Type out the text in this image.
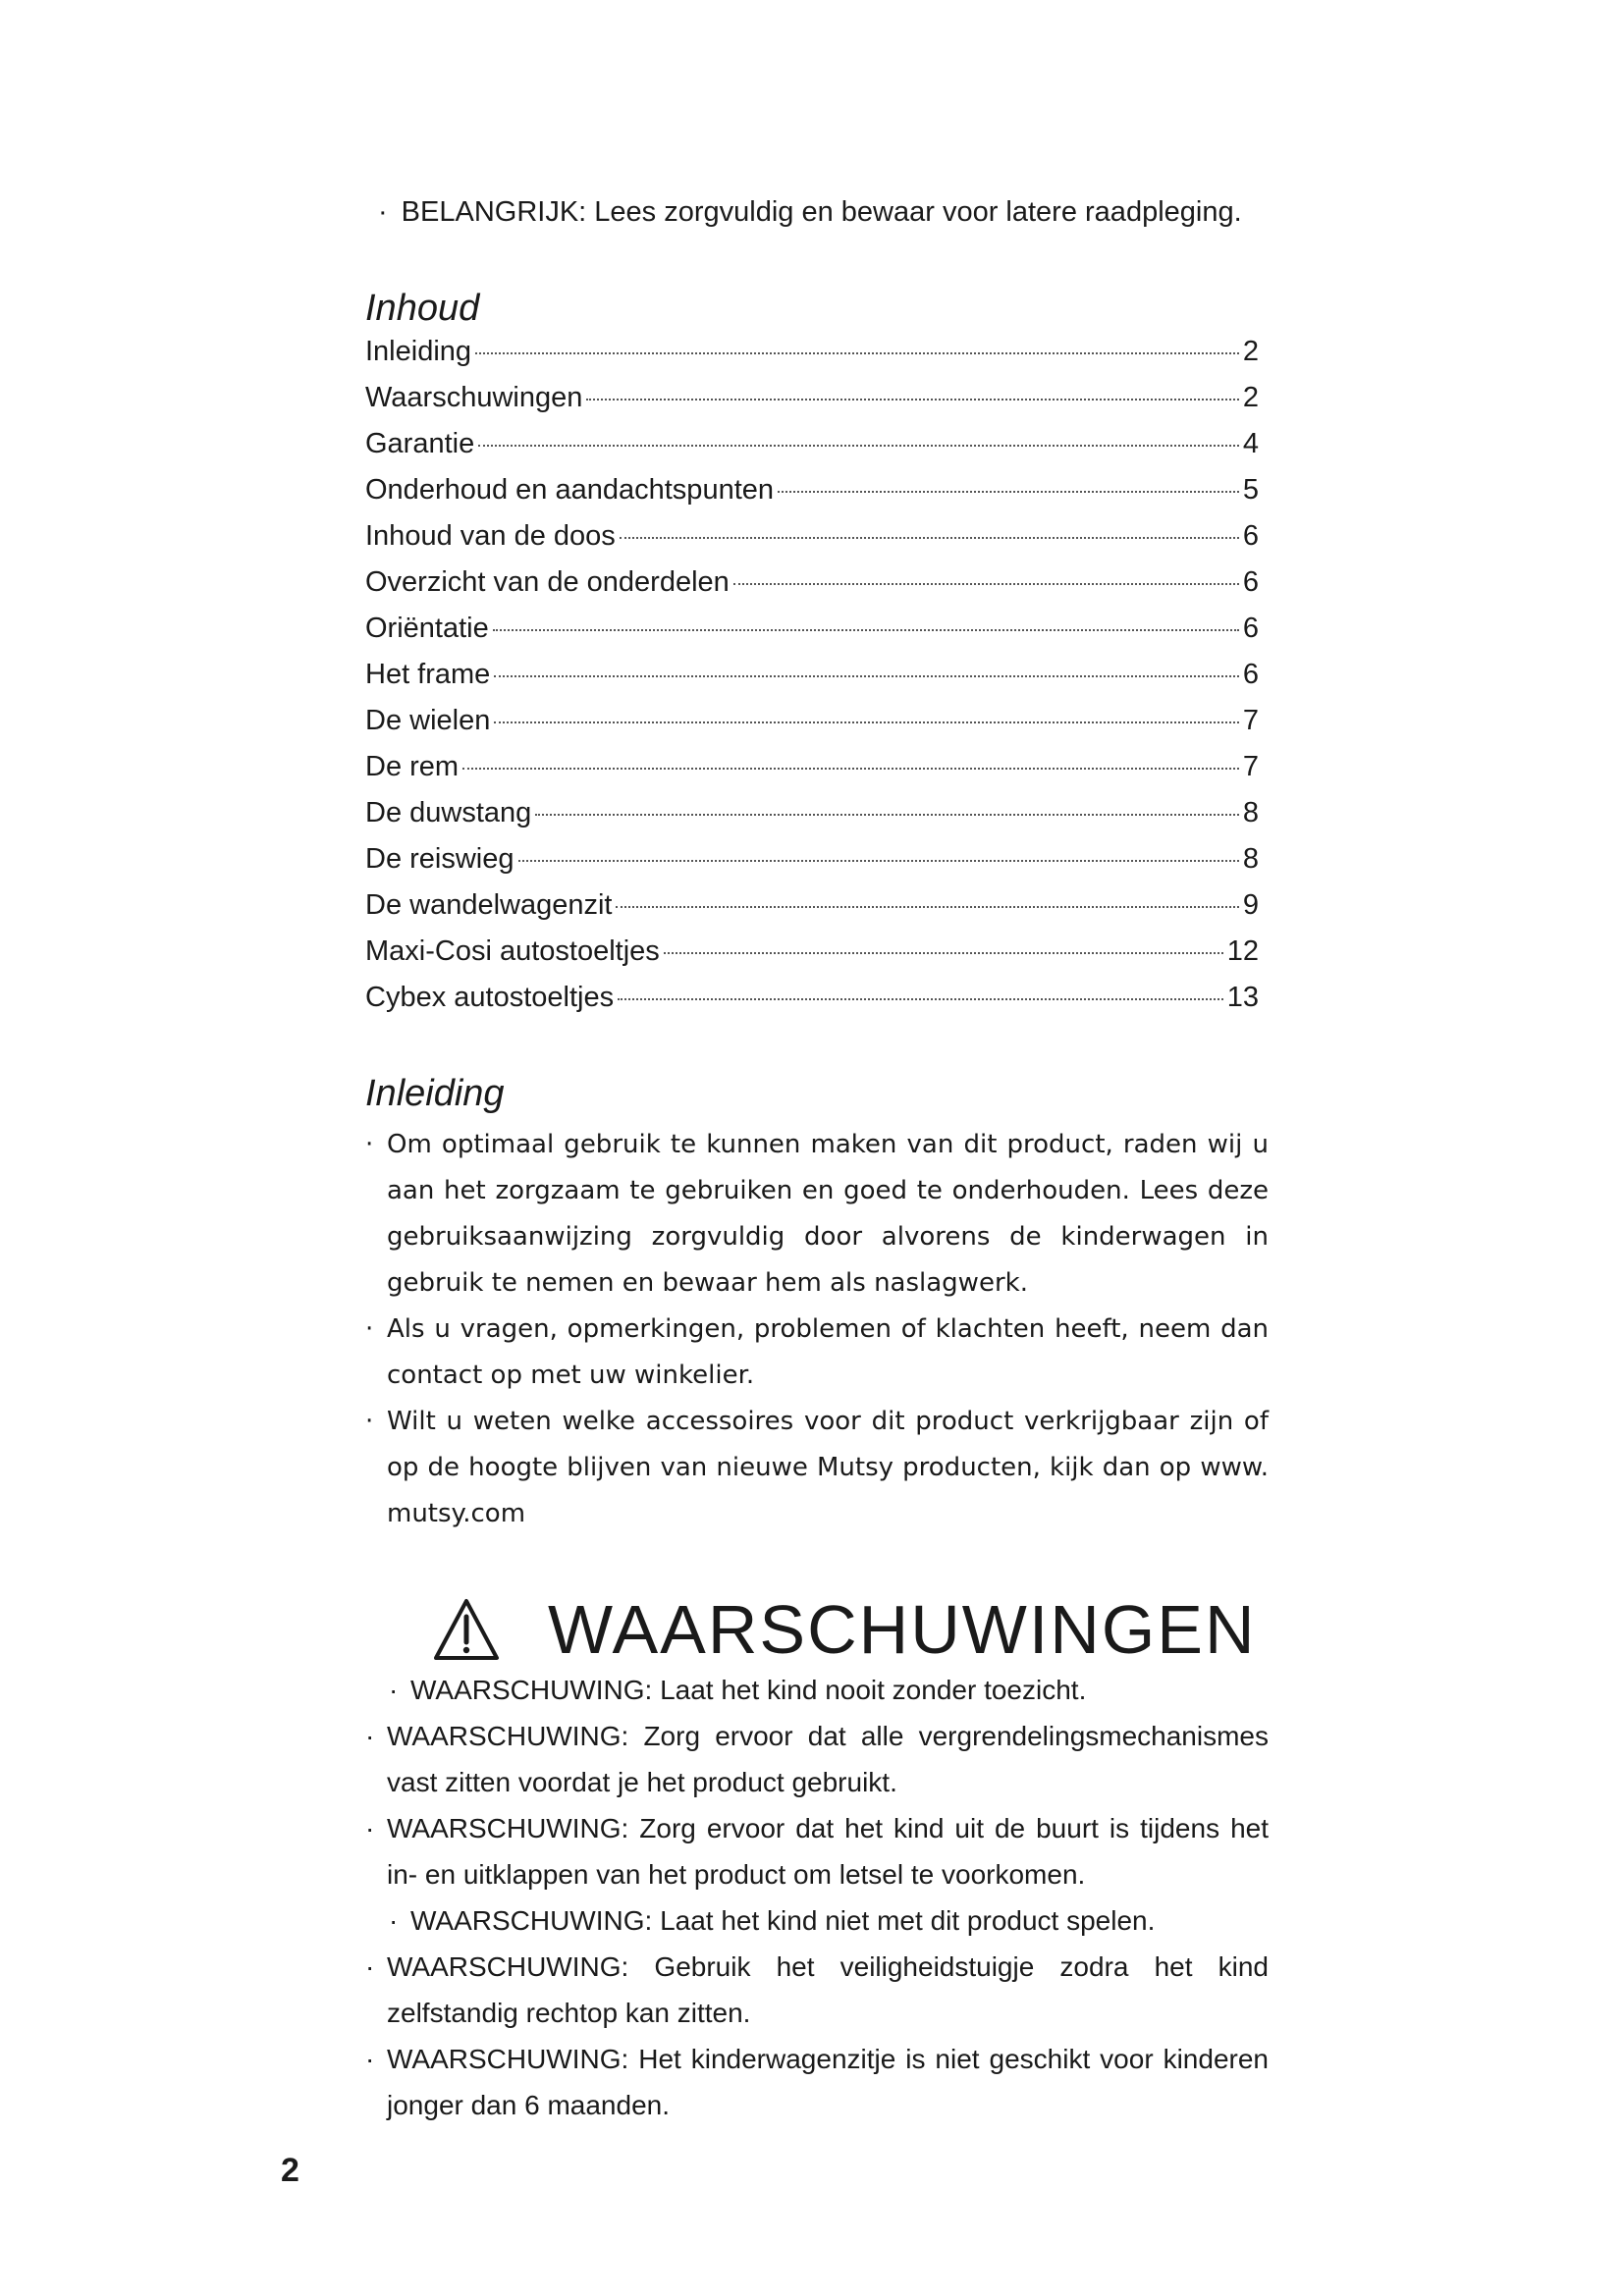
· BELANGRIJK: Lees zorgvuldig en bewaar voor latere raadpleging.
Inhoud
Inleiding	2
Waarschuwingen	2
Garantie	4
Onderhoud en aandachtspunten	5
Inhoud van de doos	6
Overzicht van de onderdelen	6
Oriëntatie	6
Het frame	6
De wielen	7
De rem	7
De duwstang	8
De reiswieg	8
De wandelwagenzit	9
Maxi-Cosi autostoeltjes	12
Cybex autostoeltjes	13
Inleiding

· Om optimaal gebruik te kunnen maken van dit product, raden wij u aan het zorgzaam te gebruiken en goed te onderhouden. Lees deze gebruiksaanwijzing zorgvuldig door alvorens de kinderwagen in gebruik te nemen en bewaar hem als naslagwerk.

· Als u vragen, opmerkingen, problemen of klachten heeft, neem dan contact op met uw winkelier.

· Wilt u weten welke accessoires voor dit product verkrijgbaar zijn of op de hoogte blijven van nieuwe Mutsy producten, kijk dan op www. mutsy.com

WAARSCHUWINGEN

· WAARSCHUWING: Laat het kind nooit zonder toezicht.

· WAARSCHUWING: Zorg ervoor dat alle vergrendelingsmechanismes vast zitten voordat je het product gebruikt.

· WAARSCHUWING: Zorg ervoor dat het kind uit de buurt is tijdens het in- en uitklappen van het product om letsel te voorkomen.

· WAARSCHUWING: Laat het kind niet met dit product spelen.

· WAARSCHUWING: Gebruik het veiligheidstuigje zodra het kind zelfstandig rechtop kan zitten.

· WAARSCHUWING: Het kinderwagenzitje is niet geschikt voor kinderen jonger dan 6 maanden.

2
